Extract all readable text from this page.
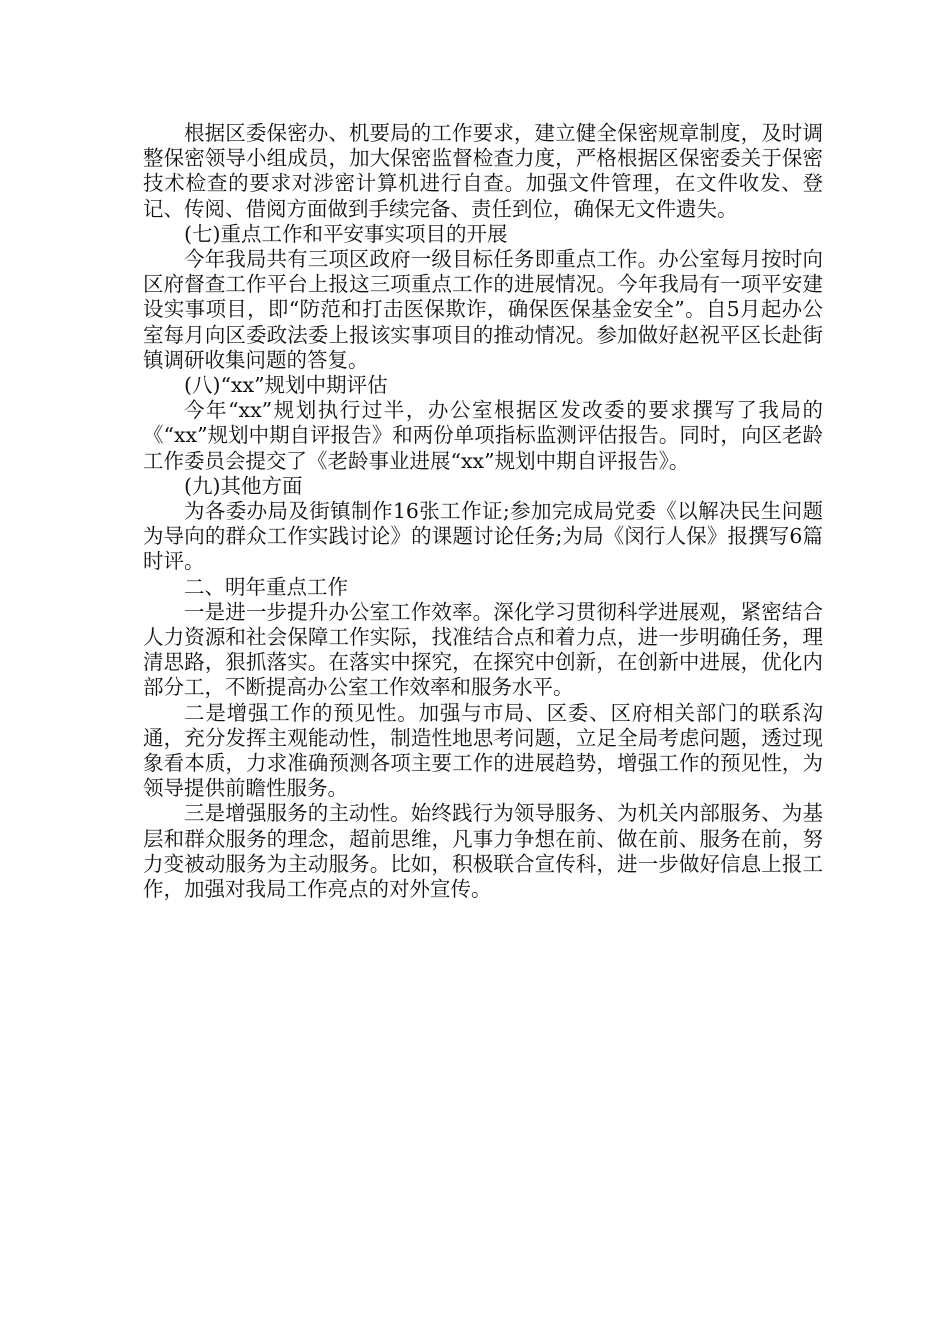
根据区委保密办、机要局的工作要求，建立健全保密规章制度，及时调整保密领导小组成员，加大保密监督检查力度，严格根据区保密委关于保密技术检查的要求对涉密计算机进行自查。加强文件管理，在文件收发、登记、传阅、借阅方面做到手续完备、责任到位，确保无文件遗失。

(七)重点工作和平安事实项目的开展

今年我局共有三项区政府一级目标任务即重点工作。办公室每月按时向区府督查工作平台上报这三项重点工作的进展情况。今年我局有一项平安建设实事项目，即“防范和打击医保欺诈，确保医保基金安全”。自5月起办公室每月向区委政法委上报该实事项目的推动情况。参加做好赵祝平区长赴街镇调研收集问题的答复。

(八)“xx”规划中期评估

今年“xx”规划执行过半，办公室根据区发改委的要求撰写了我局的《“xx”规划中期自评报告》和两份单项指标监测评估报告。同时，向区老龄工作委员会提交了《老龄事业进展“xx”规划中期自评报告》。

(九)其他方面

为各委办局及街镇制作16张工作证;参加完成局党委《以解决民生问题为导向的群众工作实践讨论》的课题讨论任务;为局《闵行人保》报撰写6篇时评。

二、明年重点工作

一是进一步提升办公室工作效率。深化学习贯彻科学进展观，紧密结合人力资源和社会保障工作实际，找准结合点和着力点，进一步明确任务，理清思路，狠抓落实。在落实中探究，在探究中创新，在创新中进展，优化内部分工，不断提高办公室工作效率和服务水平。

二是增强工作的预见性。加强与市局、区委、区府相关部门的联系沟通，充分发挥主观能动性，制造性地思考问题，立足全局考虑问题，透过现象看本质，力求准确预测各项主要工作的进展趋势，增强工作的预见性，为领导提供前瞻性服务。

三是增强服务的主动性。始终践行为领导服务、为机关内部服务、为基层和群众服务的理念，超前思维，凡事力争想在前、做在前、服务在前，努力变被动服务为主动服务。比如，积极联合宣传科，进一步做好信息上报工作，加强对我局工作亮点的对外宣传。
